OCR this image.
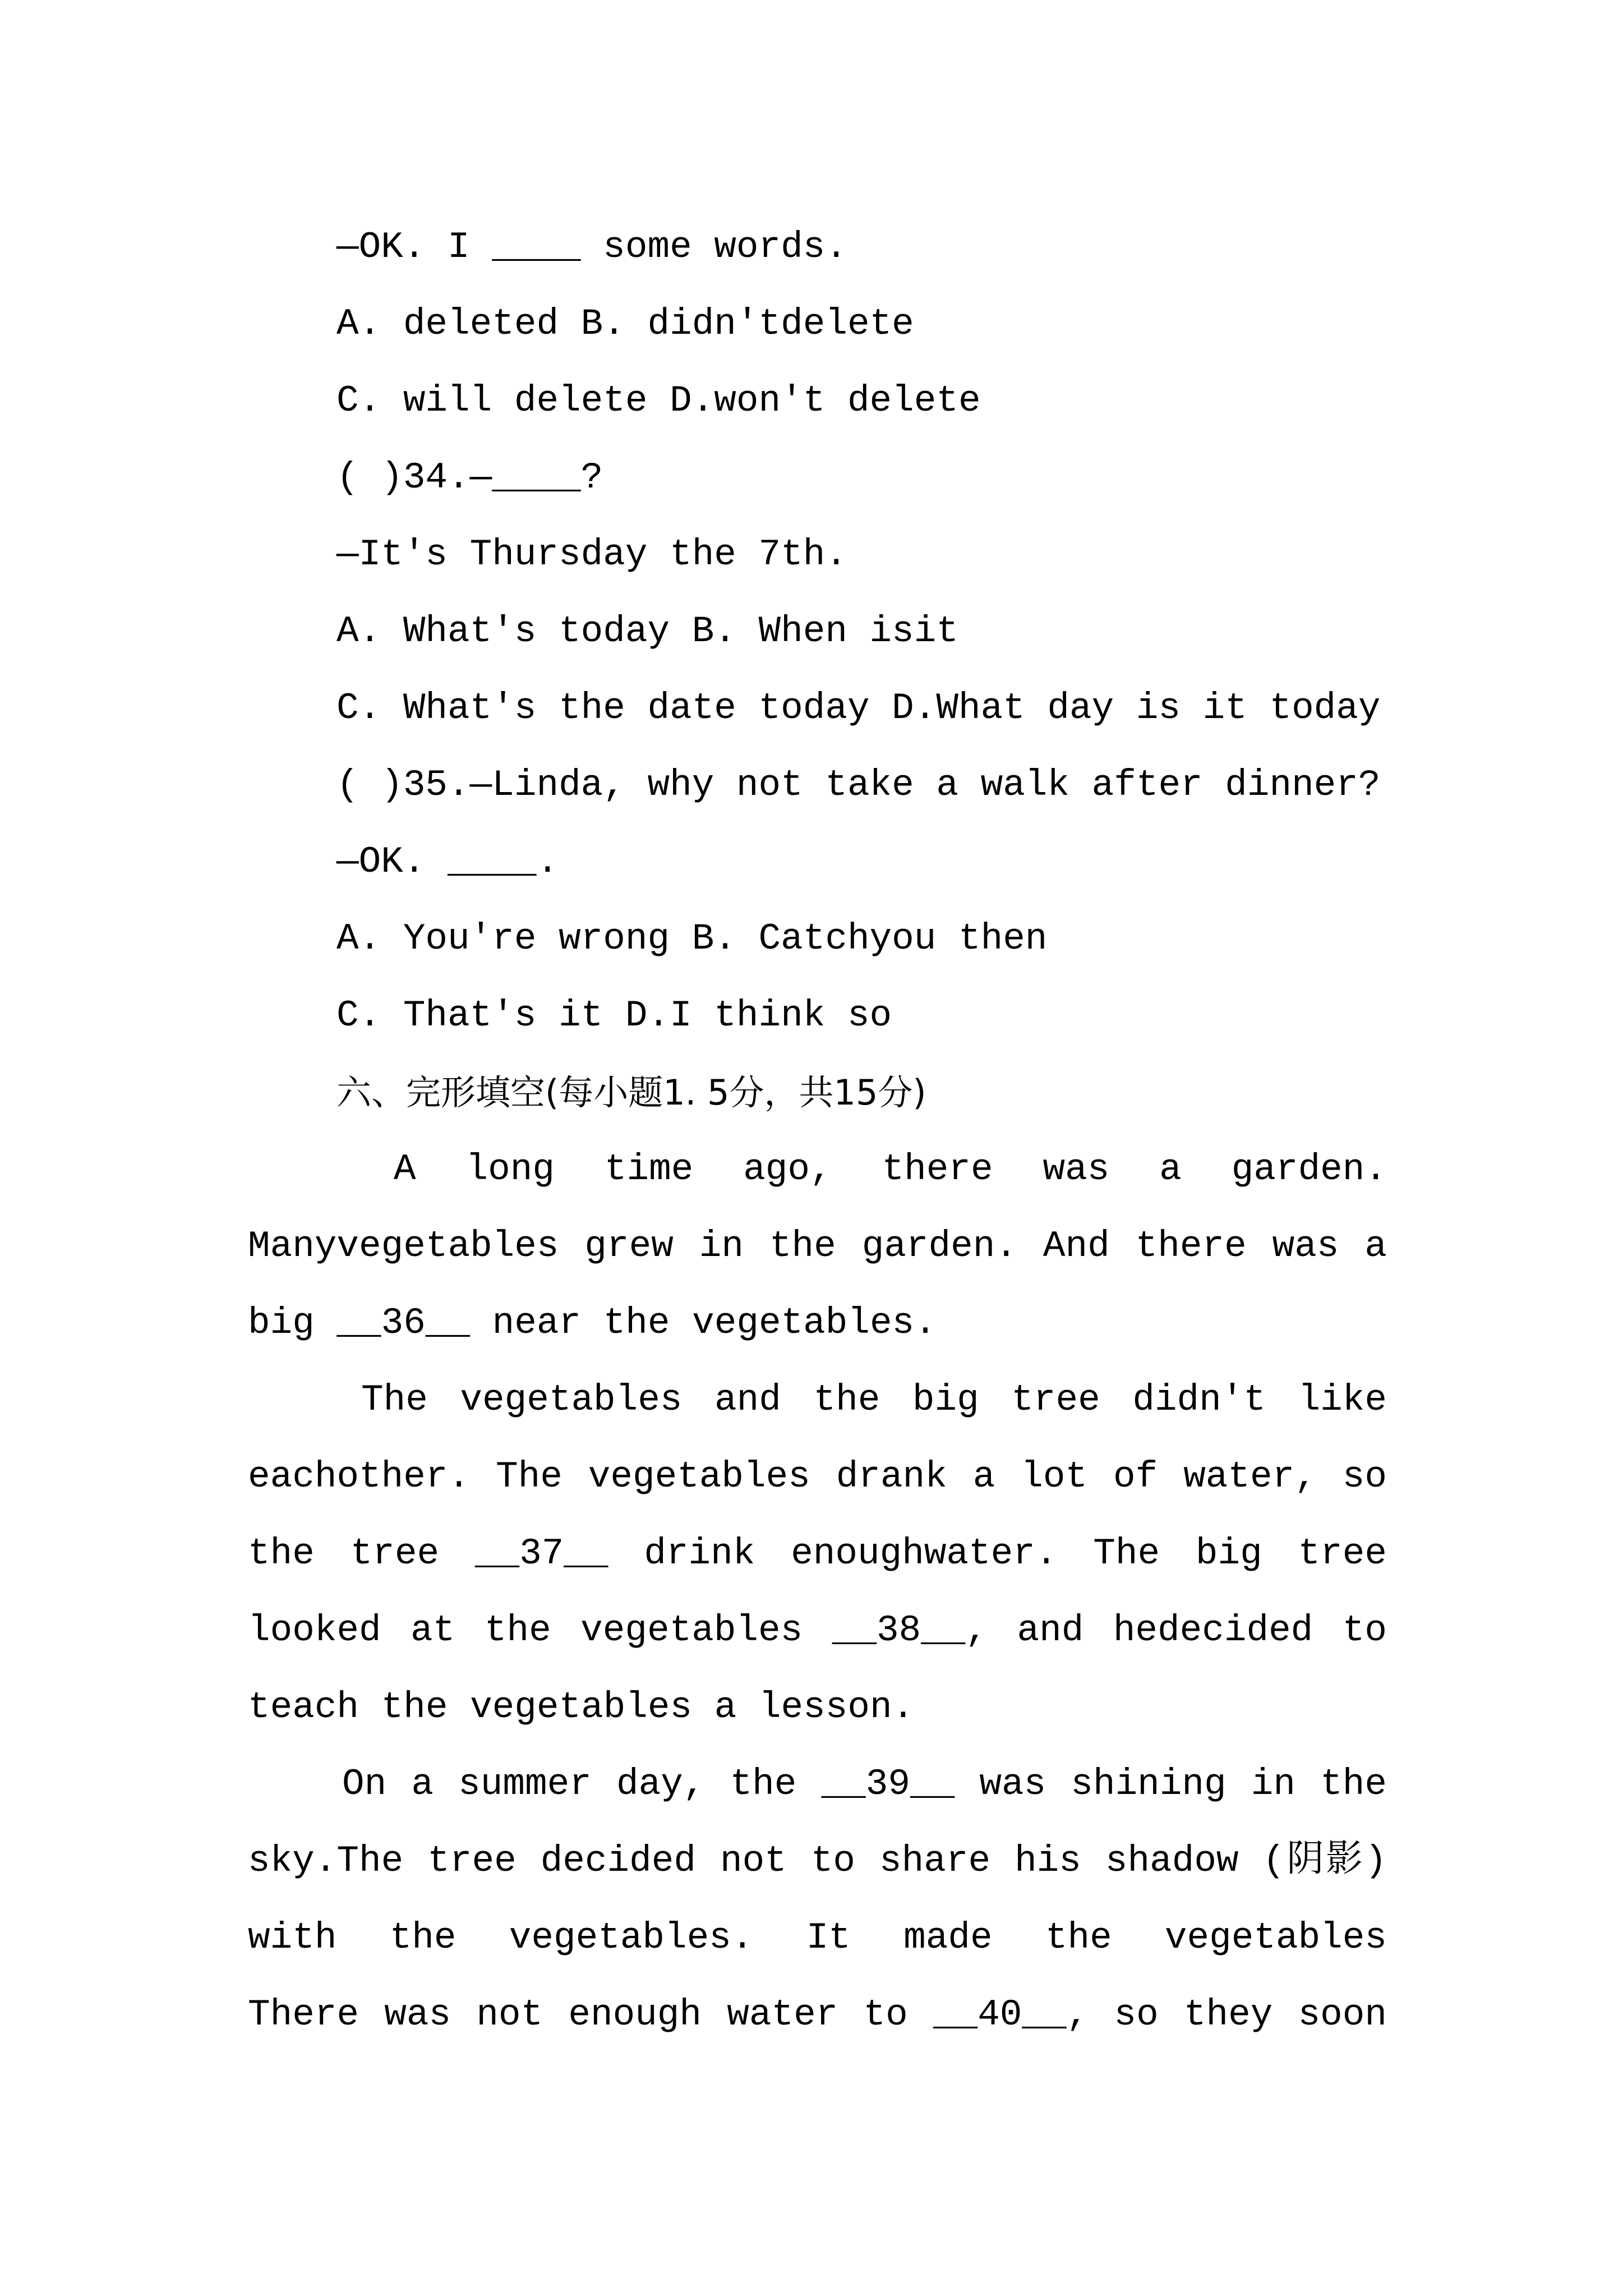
—OK. I ____ some words.
A. deleted B. didn'tdelete
C. will delete D.won't delete
( )34.—____?
—It's Thursday the 7th.
A. What's today B. When isit
C. What's the date today D.What day is it today
( )35.—Linda, why not take a walk after dinner?
—OK. ____.
A. You're wrong B. Catchyou then
C. That's it D.I think so
六、完形填空(每小题1. 5分，共15分)
A long time ago, there was a garden.
Manyvegetables grew in the garden. And there was a
big __36__ near the vegetables.
The vegetables and the big tree didn't like
eachother. The vegetables drank a lot of water, so
the tree __37__ drink enoughwater. The big tree
looked at the vegetables __38__, and hedecided to
teach the vegetables a lesson.
On a summer day, the __39__ was shining in the
sky.The tree decided not to share his shadow (阴影)
with the vegetables. It made the vegetables
There was not enough water to __40__, so they soon
